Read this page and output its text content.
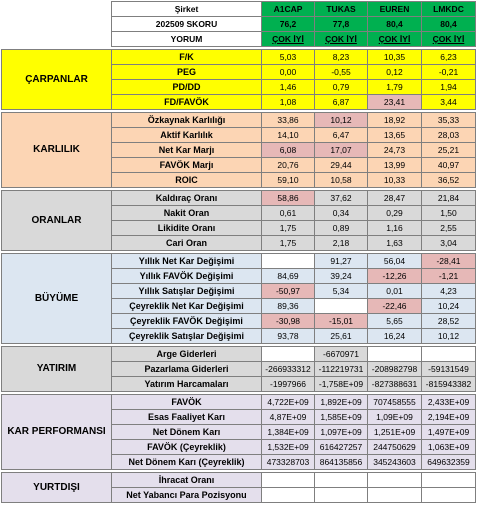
	Şirket	A1CAP	TUKAS	EUREN	LMKDC
	202509 SKORU	76,2	77,8	80,4	80,4
	YORUM	ÇOK İYİ	ÇOK İYİ	ÇOK İYİ	ÇOK İYİ

ÇARPANLAR	F/K	5,03	8,23	10,35	6,23
	PEG	0,00	-0,55	0,12	-0,21
	PD/DD	1,46	0,79	1,79	1,94
	FD/FAVÖK	1,08	6,87	23,41	3,44

KARLILIK	Özkaynak Karlılığı	33,86	10,12	18,92	35,33
	Aktif Karlılık	14,10	6,47	13,65	28,03
	Net Kar Marjı	6,08	17,07	24,73	25,21
	FAVÖK Marjı	20,76	29,44	13,99	40,97
	ROIC	59,10	10,58	10,33	36,52

ORANLAR	Kaldıraç Oranı	58,86	37,62	28,47	21,84
	Nakit Oran	0,61	0,34	0,29	1,50
	Likidite Oranı	1,75	0,89	1,16	2,55
	Cari Oran	1,75	2,18	1,63	3,04

BÜYÜME	Yıllık Net Kar Değişimi		91,27	56,04	-28,41
	Yıllık FAVÖK Değişimi	84,69	39,24	-12,26	-1,21
	Yıllık Satışlar Değişimi	-50,97	5,34	0,01	4,23
	Çeyreklik Net Kar Değişimi	89,36		-22,46	10,24
	Çeyreklik FAVÖK Değişimi	-30,98	-15,01	5,65	28,52
	Çeyreklik Satışlar Değişimi	93,78	25,61	16,24	10,12

YATIRIM	Arge Giderleri		-6670971		
	Pazarlama Giderleri	-266933312	-112219731	-208982798	-59131549
	Yatırım Harcamaları	-1997966	-1,758E+09	-827388631	-815943382

KAR PERFORMANSI	FAVÖK	4,722E+09	1,892E+09	707458555	2,433E+09
	Esas Faaliyet Karı	4,87E+09	1,585E+09	1,09E+09	2,194E+09
	Net Dönem Karı	1,384E+09	1,097E+09	1,251E+09	1,497E+09
	FAVÖK (Çeyreklik)	1,532E+09	616427257	244750629	1,063E+09
	Net Dönem Karı (Çeyreklik)	473328703	864135856	345243603	649632359

YURTDIŞI	İhracat Oranı				
	Net Yabancı Para Pozisyonu				
